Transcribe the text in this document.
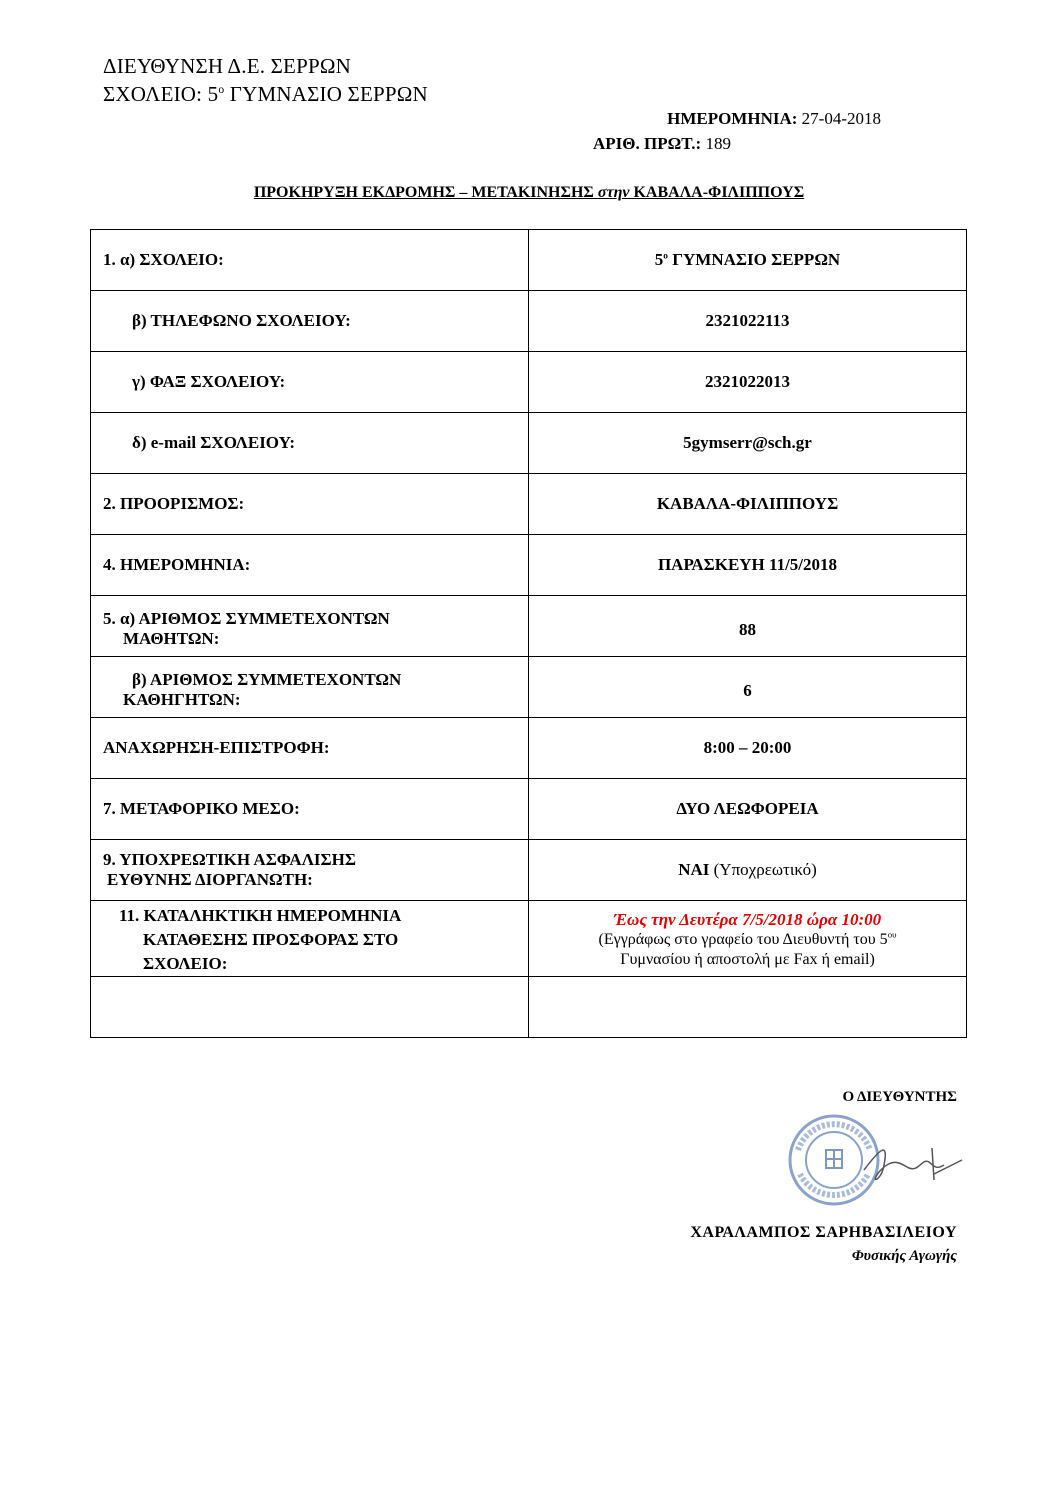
ΔΙΕΥΘΥΝΣΗ Δ.Ε. ΣΕΡΡΩΝ
ΣΧΟΛΕΙΟ: $5^o$ ΓΥΜΝΑΣΙΟ ΣΕΡΡΩΝ
ΗΜΕΡΟΜΗΝΙΑ: 27-04-2018
ΑΡΙΘ. ΠΡΩΤ.: 189
ΠΡΟΚΗΡΥΞΗ ΕΚΔΡΟΜΗΣ – ΜΕΤΑΚΙΝΗΣΗΣ στην ΚΑΒΑΛΑ-ΦΙΛΙΠΠΟΥΣ
1. α) ΣΧΟΛΕΙΟ:	$5^o$ ΓΥΜΝΑΣΙΟ ΣΕΡΡΩΝ
β) ΤΗΛΕΦΩΝΟ ΣΧΟΛΕΙΟΥ:	2321022113
γ) ΦΑΞ ΣΧΟΛΕΙΟΥ:	2321022013
δ) e-mail ΣΧΟΛΕΙΟΥ:	5gymserr@sch.gr
2. ΠΡΟΟΡΙΣΜΟΣ:	ΚΑΒΑΛΑ-ΦΙΛΙΠΠΟΥΣ
4. ΗΜΕΡΟΜΗΝΙΑ:	ΠΑΡΑΣΚΕΥΗ 11/5/2018
5. α) ΑΡΙΘΜΟΣ ΣΥΜΜΕΤΕΧΟΝΤΩΝ
ΜΑΘΗΤΩΝ:	88
β) ΑΡΙΘΜΟΣ ΣΥΜΜΕΤΕΧΟΝΤΩΝ
ΚΑΘΗΓΗΤΩΝ:	6
ΑΝΑΧΩΡΗΣΗ-ΕΠΙΣΤΡΟΦΗ:	8:00 – 20:00
7. ΜΕΤΑΦΟΡΙΚΟ ΜΕΣΟ:	ΔΥΟ ΛΕΩΦΟΡΕΙΑ
9. ΥΠΟΧΡΕΩΤΙΚΗ ΑΣΦΑΛΙΣΗΣ
ΕΥΘΥΝΗΣ ΔΙΟΡΓΑΝΩΤΗ:	ΝΑΙ (Υποχρεωτικό)
11. ΚΑΤΑΛΗΚΤΙΚΗ ΗΜΕΡΟΜΗΝΙΑ
ΚΑΤΑΘΕΣΗΣ ΠΡΟΣΦΟΡΑΣ ΣΤΟ
ΣΧΟΛΕΙΟ:	Έως την Δευτέρα 7/5/2018 ώρα 10:00
(Εγγράφως στο γραφείο του Διευθυντή του $5^{o\upsilon}$
Γυμνασίου ή αποστολή με Fax ή email)

Ο ΔΙΕΥΘΥΝΤΗΣ
ΧΑΡΑΛΑΜΠΟΣ ΣΑΡΗΒΑΣΙΛΕΙΟΥ
Φυσικής Αγωγής
